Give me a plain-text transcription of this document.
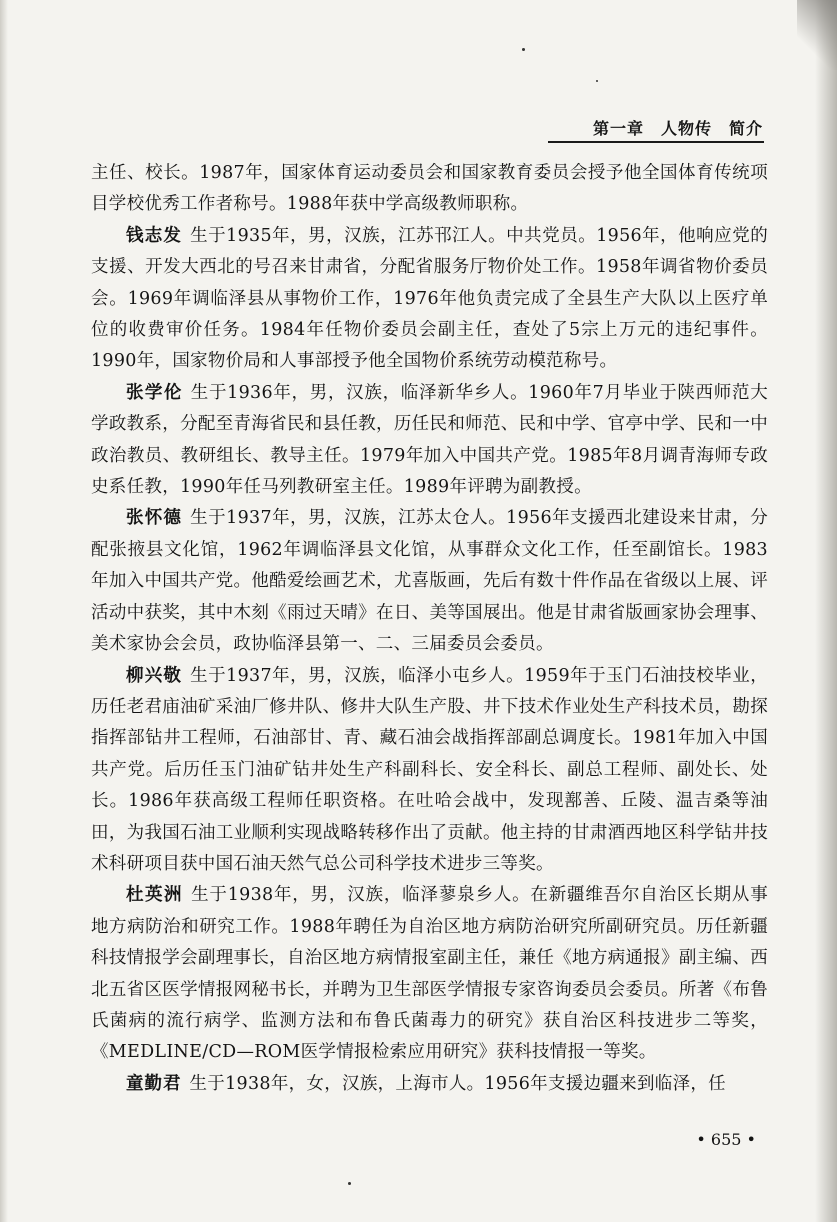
第一章　人物传　简介

主任、校长。1987年，国家体育运动委员会和国家教育委员会授予他全国体育传统项目学校优秀工作者称号。1988年获中学高级教师职称。

钱志发 生于1935年，男，汉族，江苏邗江人。中共党员。1956年，他响应党的支援、开发大西北的号召来甘肃省，分配省服务厅物价处工作。1958年调省物价委员会。1969年调临泽县从事物价工作，1976年他负责完成了全县生产大队以上医疗单位的收费审价任务。1984年任物价委员会副主任，查处了5宗上万元的违纪事件。1990年，国家物价局和人事部授予他全国物价系统劳动模范称号。

张学伦 生于1936年，男，汉族，临泽新华乡人。1960年7月毕业于陕西师范大学政教系，分配至青海省民和县任教，历任民和师范、民和中学、官亭中学、民和一中政治教员、教研组长、教导主任。1979年加入中国共产党。1985年8月调青海师专政史系任教，1990年任马列教研室主任。1989年评聘为副教授。

张怀德 生于1937年，男，汉族，江苏太仓人。1956年支援西北建设来甘肃，分配张掖县文化馆，1962年调临泽县文化馆，从事群众文化工作，任至副馆长。1983年加入中国共产党。他酷爱绘画艺术，尤喜版画，先后有数十件作品在省级以上展、评活动中获奖，其中木刻《雨过天晴》在日、美等国展出。他是甘肃省版画家协会理事、美术家协会会员，政协临泽县第一、二、三届委员会委员。

柳兴敬 生于1937年，男，汉族，临泽小屯乡人。1959年于玉门石油技校毕业，历任老君庙油矿采油厂修井队、修井大队生产股、井下技术作业处生产科技术员，勘探指挥部钻井工程师，石油部甘、青、藏石油会战指挥部副总调度长。1981年加入中国共产党。后历任玉门油矿钻井处生产科副科长、安全科长、副总工程师、副处长、处长。1986年获高级工程师任职资格。在吐哈会战中，发现鄯善、丘陵、温吉桑等油田，为我国石油工业顺利实现战略转移作出了贡献。他主持的甘肃酒西地区科学钻井技术科研项目获中国石油天然气总公司科学技术进步三等奖。

杜英洲 生于1938年，男，汉族，临泽蓼泉乡人。在新疆维吾尔自治区长期从事地方病防治和研究工作。1988年聘任为自治区地方病防治研究所副研究员。历任新疆科技情报学会副理事长，自治区地方病情报室副主任，兼任《地方病通报》副主编、西北五省区医学情报网秘书长，并聘为卫生部医学情报专家咨询委员会委员。所著《布鲁氏菌病的流行病学、监测方法和布鲁氏菌毒力的研究》获自治区科技进步二等奖，《MEDLINE/CD—ROM医学情报检索应用研究》获科技情报一等奖。

童勤君 生于1938年，女，汉族，上海市人。1956年支援边疆来到临泽，任

• 655 •
